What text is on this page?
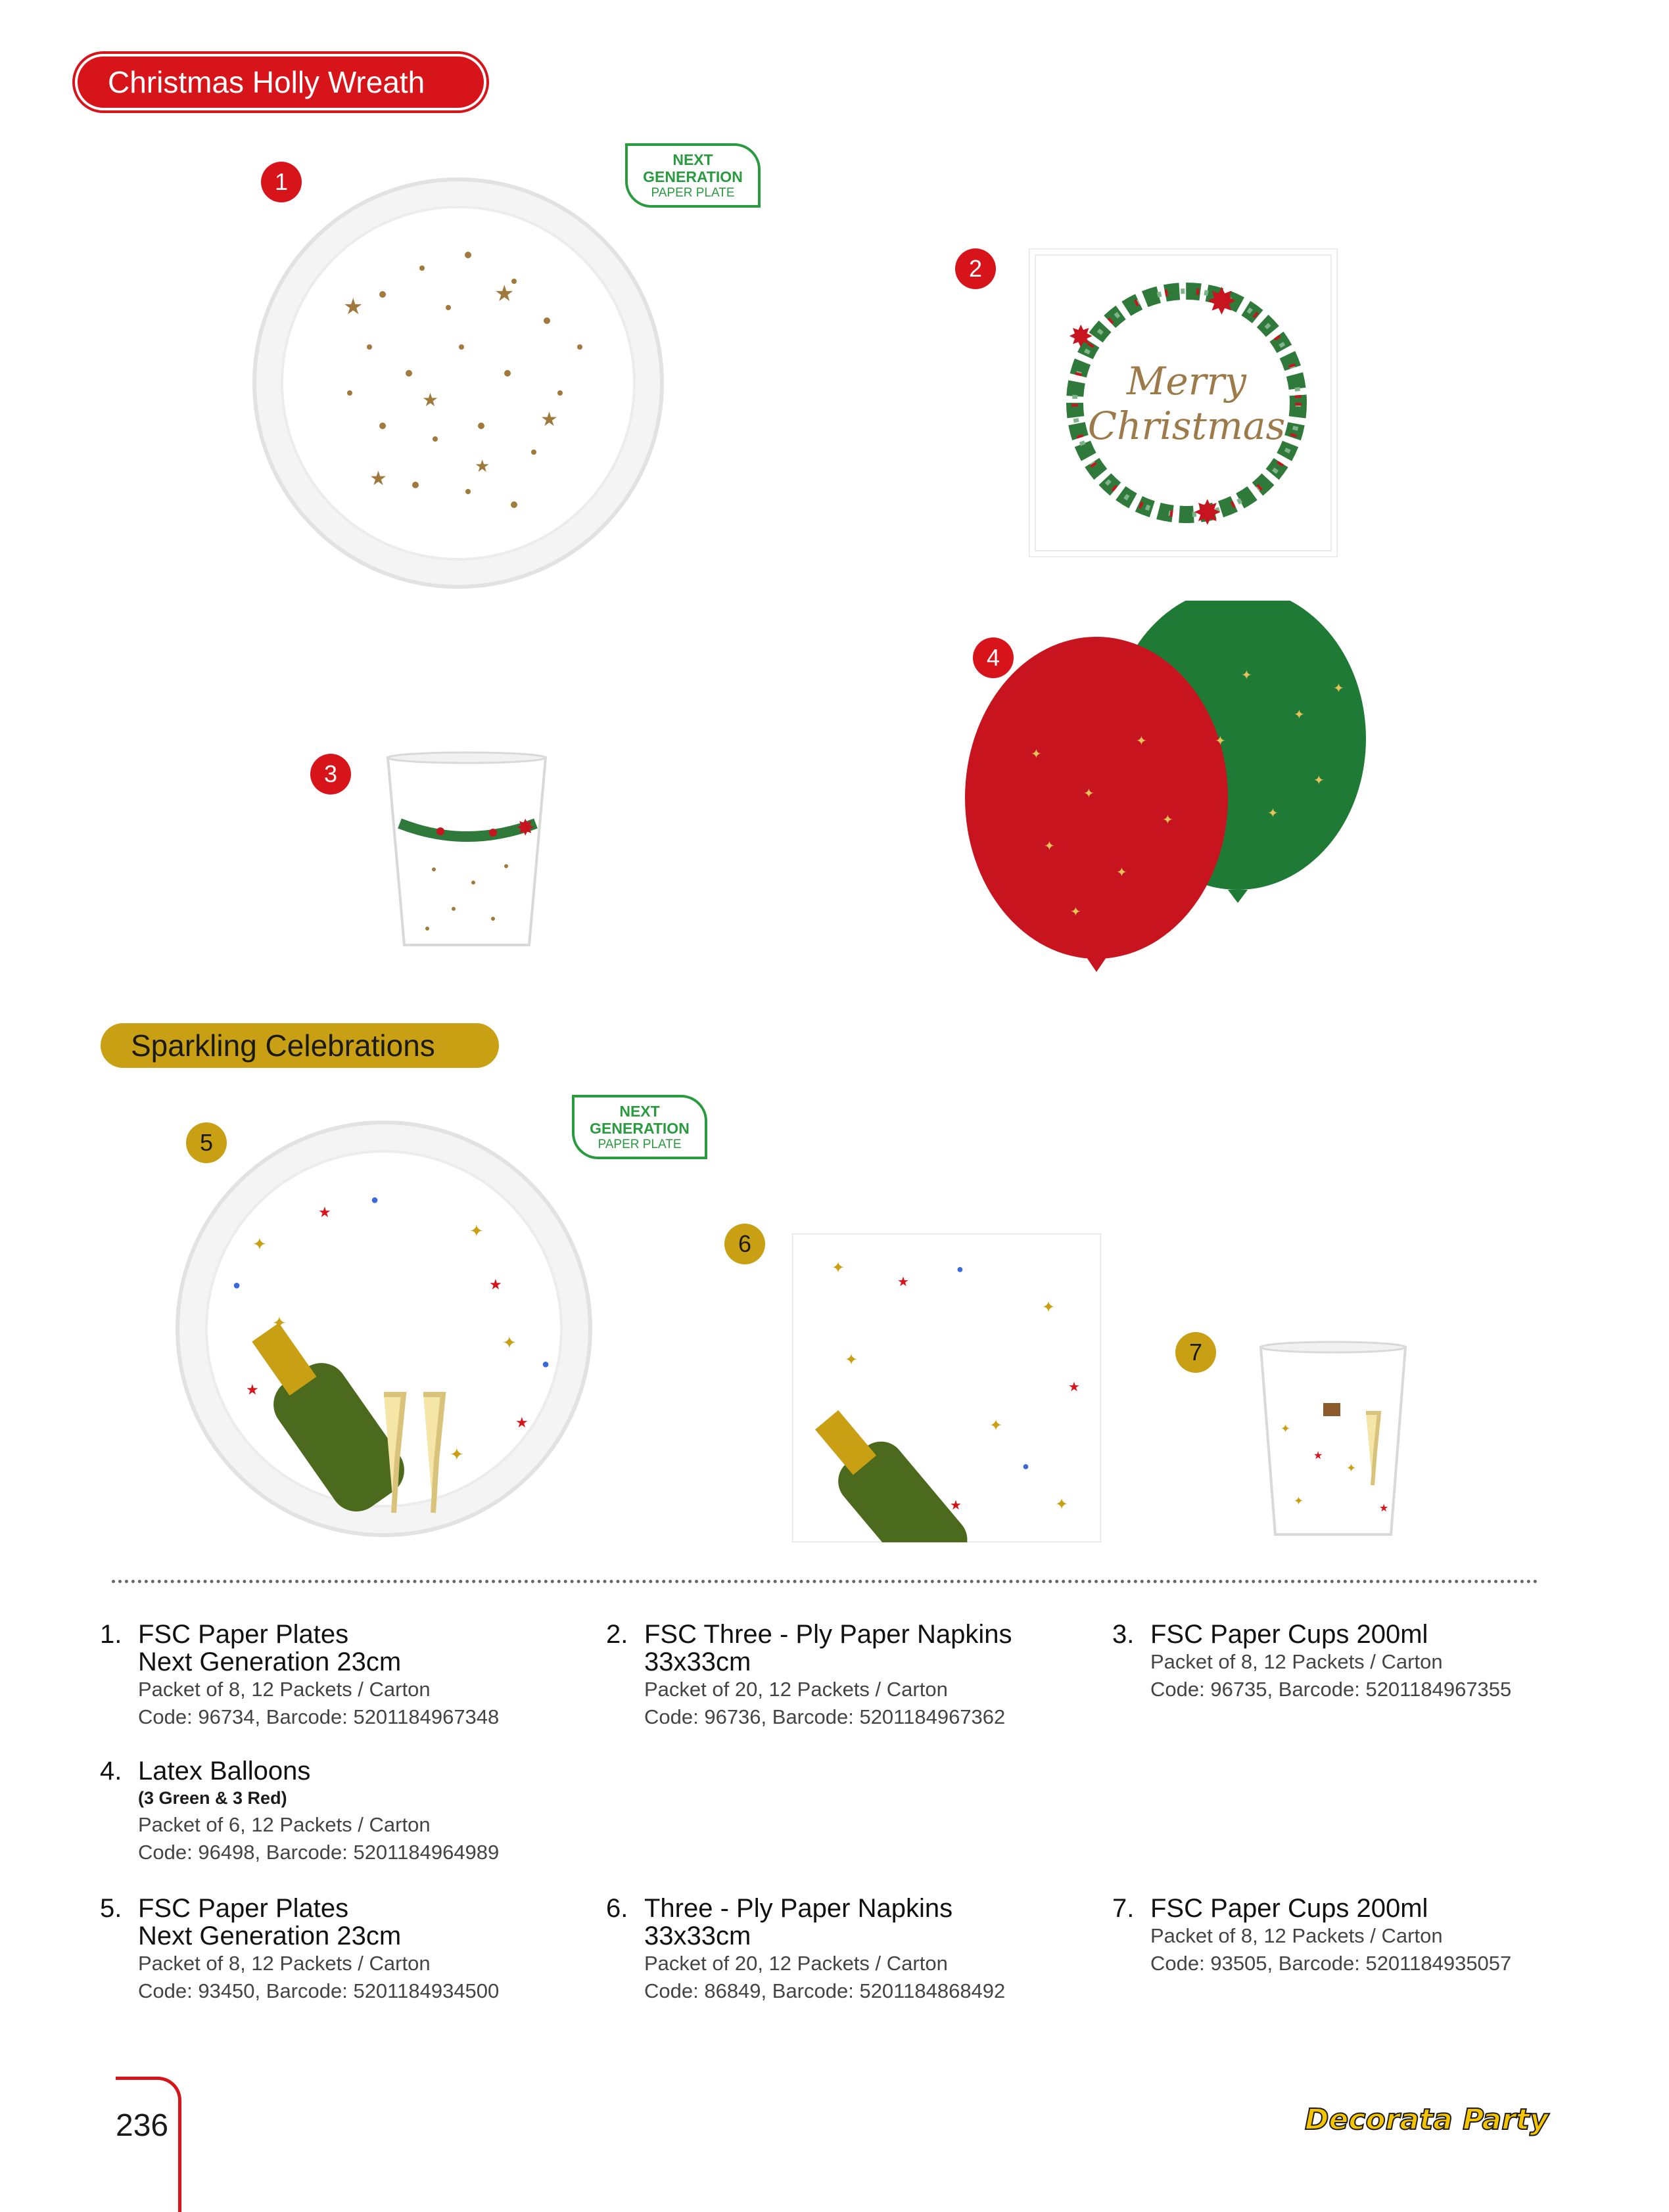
Christmas Holly Wreath
Sparkling Celebrations
NEXT
GENERATION
PAPER PLATE
NEXT
GENERATION
PAPER PLATE
1
2
3
4
5
6
7
★
★
★
★
★
★
✸
✸
✸
Merry
Christmas
✸
✦
✦
✦
✦
✦
✦
✦
✦
✦
✦
✦
✦
✦
✦
✦
✦
✦
✦
★
★
★
★
●
●
●
✦
✦
✦
✦
✦
★
★
★
●
●
✦
✦
✦
★
★
1. FSC Paper Plates
Next Generation 23cm
Packet of 8, 12 Packets / Carton
Code: 96734, Barcode: 5201184967348
2. FSC Three - Ply Paper Napkins
33x33cm
Packet of 20, 12 Packets / Carton
Code: 96736, Barcode: 5201184967362
3. FSC Paper Cups 200ml
Packet of 8, 12 Packets / Carton
Code: 96735, Barcode: 5201184967355
4. Latex Balloons
(3 Green & 3 Red)
Packet of 6, 12 Packets / Carton
Code: 96498, Barcode: 5201184964989
5. FSC Paper Plates
Next Generation 23cm
Packet of 8, 12 Packets / Carton
Code: 93450, Barcode: 5201184934500
6. Three - Ply Paper Napkins
33x33cm
Packet of 20, 12 Packets / Carton
Code: 86849, Barcode: 5201184868492
7. FSC Paper Cups 200ml
Packet of 8, 12 Packets / Carton
Code: 93505, Barcode: 5201184935057
236	Decorata Party
